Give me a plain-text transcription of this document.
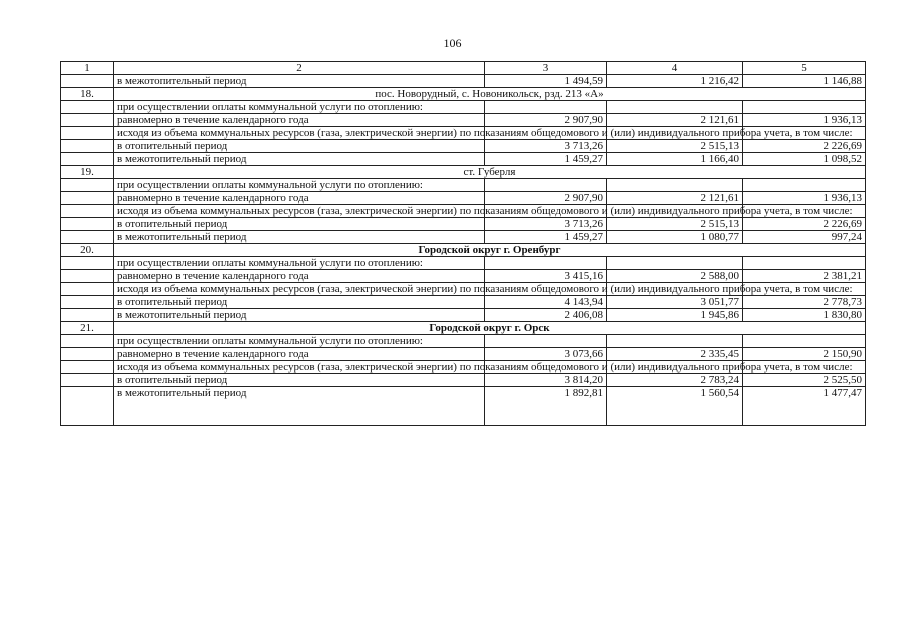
106
1	2	3	4	5
	в межотопительный период	1 494,59	1 216,42	1 146,88
18.	пос. Новорудный, с. Новоникольск, рзд. 213 «А»			
	при осуществлении оплаты коммунальной услуги по отоплению:			
	равномерно в течение календарного года	2 907,90	2 121,61	1 936,13
	исходя из объема коммунальных ресурсов (газа, электрической энергии) по показаниям общедомового и (или) индивидуального прибора учета, в том числе:			
	в отопительный период	3 713,26	2 515,13	2 226,69
	в межотопительный период	1 459,27	1 166,40	1 098,52
19.	ст. Губерля			
	при осуществлении оплаты коммунальной услуги по отоплению:			
	равномерно в течение календарного года	2 907,90	2 121,61	1 936,13
	исходя из объема коммунальных ресурсов (газа, электрической энергии) по показаниям общедомового и (или) индивидуального прибора учета, в том числе:			
	в отопительный период	3 713,26	2 515,13	2 226,69
	в межотопительный период	1 459,27	1 080,77	997,24
20.	Городской округ г. Оренбург			
	при осуществлении оплаты коммунальной услуги по отоплению:			
	равномерно в течение календарного года	3 415,16	2 588,00	2 381,21
	исходя из объема коммунальных ресурсов (газа, электрической энергии) по показаниям общедомового и (или) индивидуального прибора учета, в том числе:			
	в отопительный период	4 143,94	3 051,77	2 778,73
	в межотопительный период	2 406,08	1 945,86	1 830,80
21.	Городской округ г. Орск			
	при осуществлении оплаты коммунальной услуги по отоплению:			
	равномерно в течение календарного года	3 073,66	2 335,45	2 150,90
	исходя из объема коммунальных ресурсов (газа, электрической энергии) по показаниям общедомового и (или) индивидуального прибора учета, в том числе:			
	в отопительный период	3 814,20	2 783,24	2 525,50
	в межотопительный период	1 892,81	1 560,54	1 477,47
